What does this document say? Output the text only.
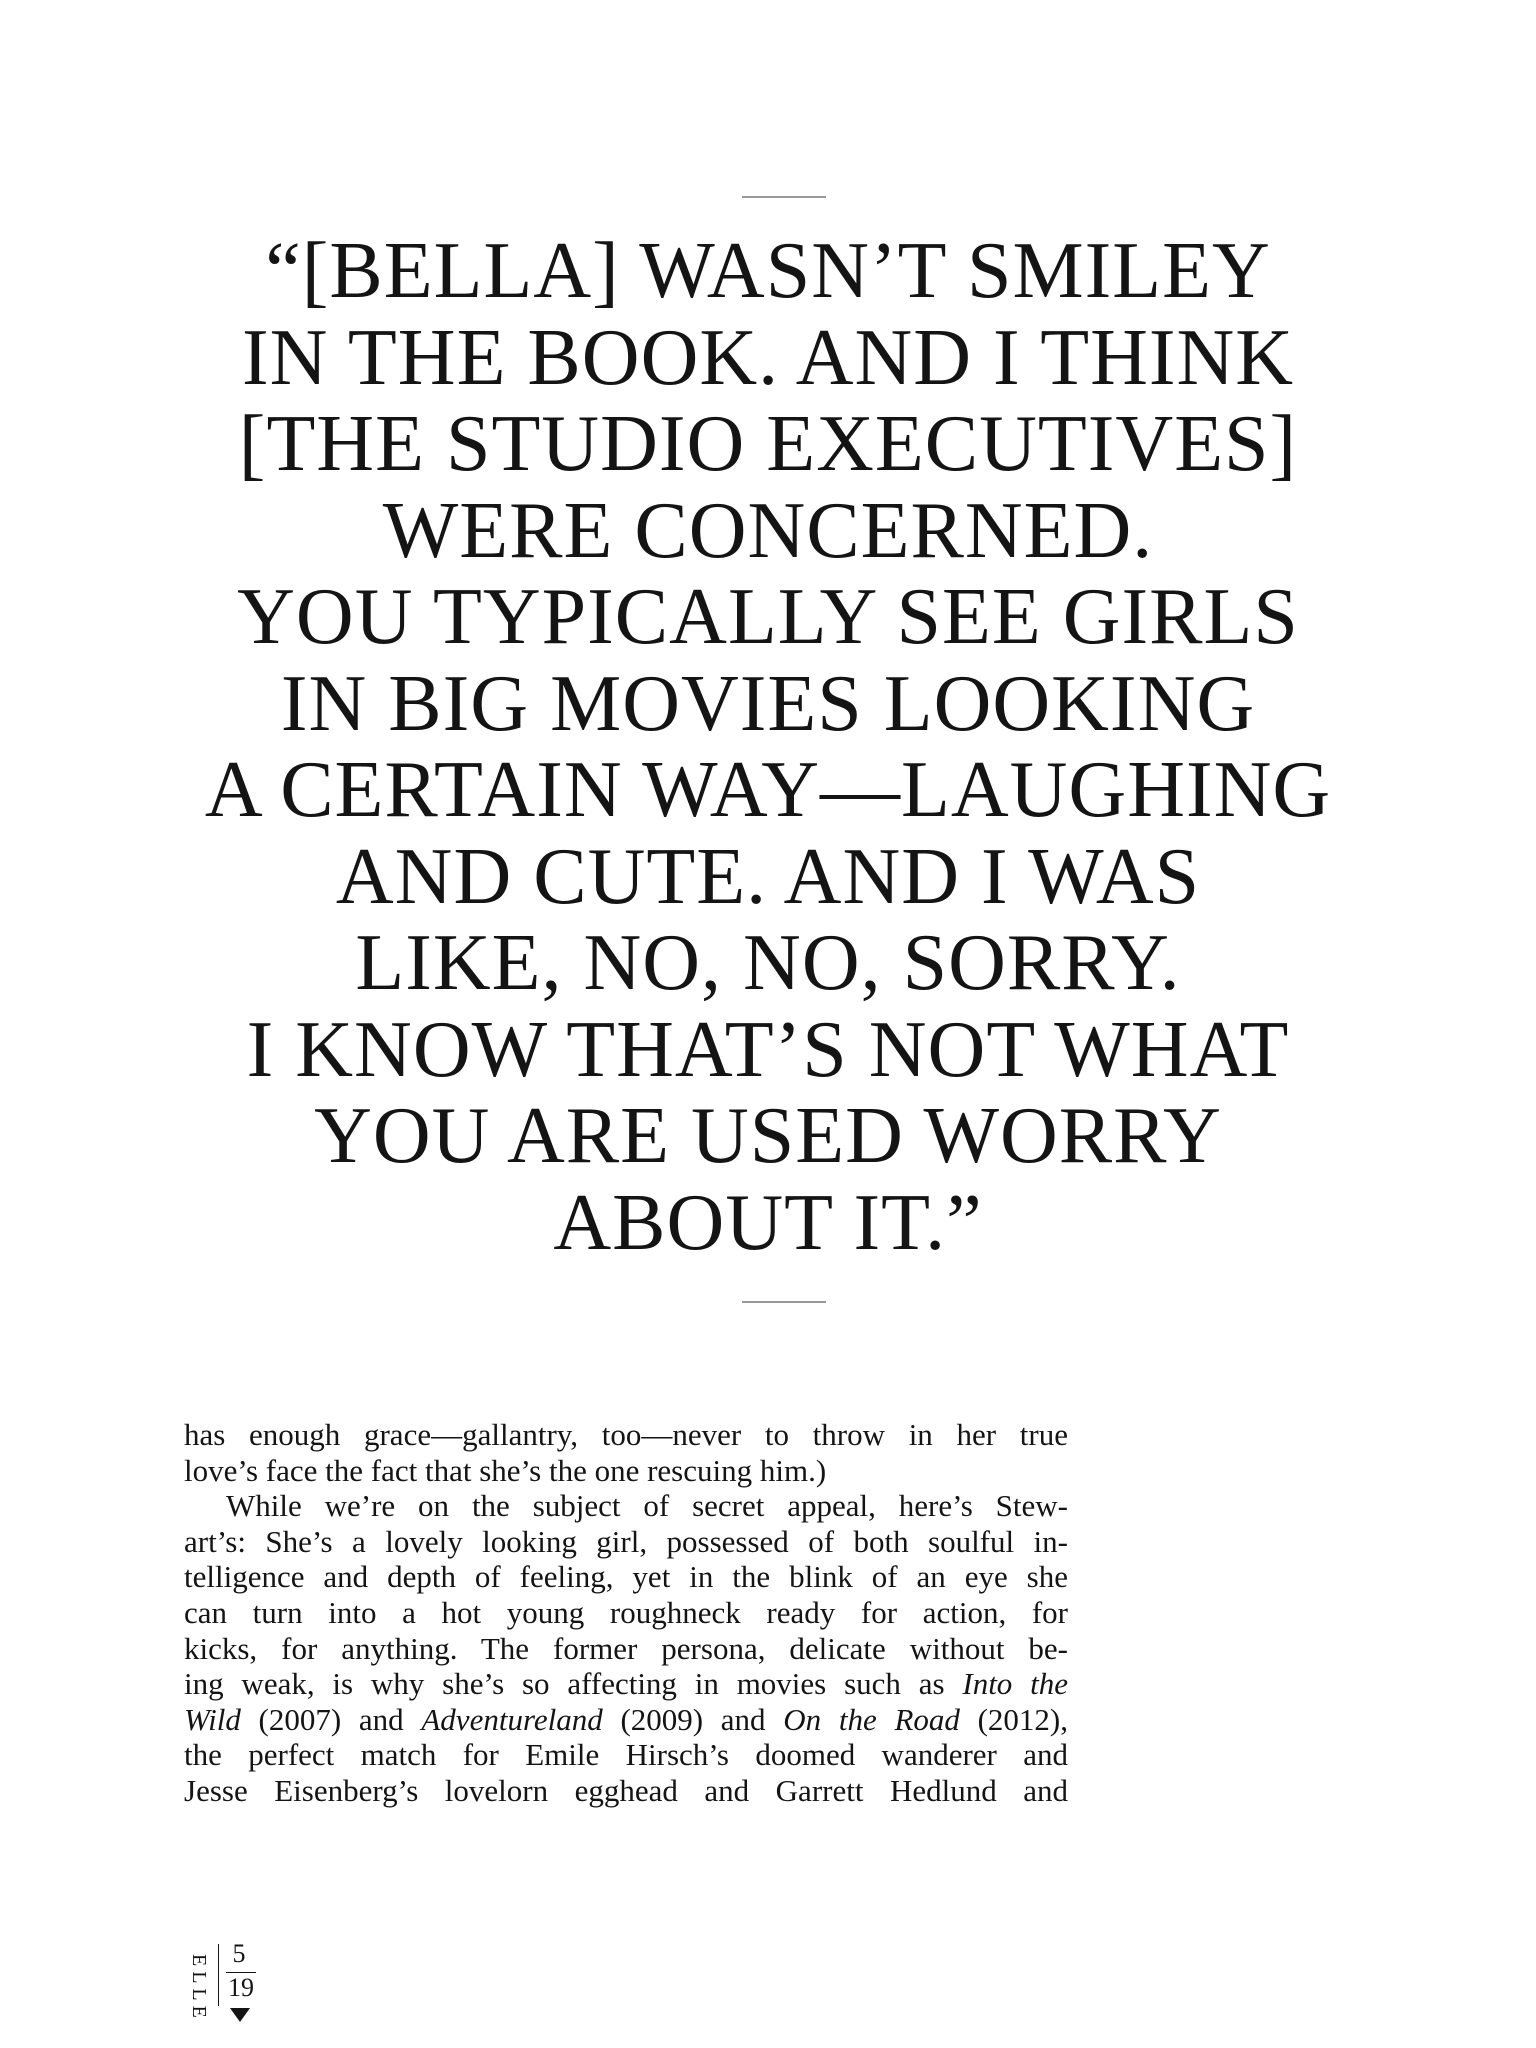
“[BELLA] WASN’T SMILEY
IN THE BOOK. AND I THINK
[THE STUDIO EXECUTIVES]
WERE CONCERNED.
YOU TYPICALLY SEE GIRLS
IN BIG MOVIES LOOKING
A CERTAIN WAY—LAUGHING
AND CUTE. AND I WAS
LIKE, NO, NO, SORRY.
I KNOW THAT’S NOT WHAT
YOU ARE USED WORRY
ABOUT IT.”
has enough grace—gallantry, too—never to throw in her true
love’s face the fact that she’s the one rescuing him.)
While we’re on the subject of secret appeal, here’s Stew-
art’s: She’s a lovely looking girl, possessed of both soulful in-
telligence and depth of feeling, yet in the blink of an eye she
can turn into a hot young roughneck ready for action, for
kicks, for anything. The former persona, delicate without be-
ing weak, is why she’s so affecting in movies such as Into the
Wild (2007) and Adventureland (2009) and On the Road (2012),
the perfect match for Emile Hirsch’s doomed wanderer and
Jesse Eisenberg’s lovelorn egghead and Garrett Hedlund and
ELLE
5
19
